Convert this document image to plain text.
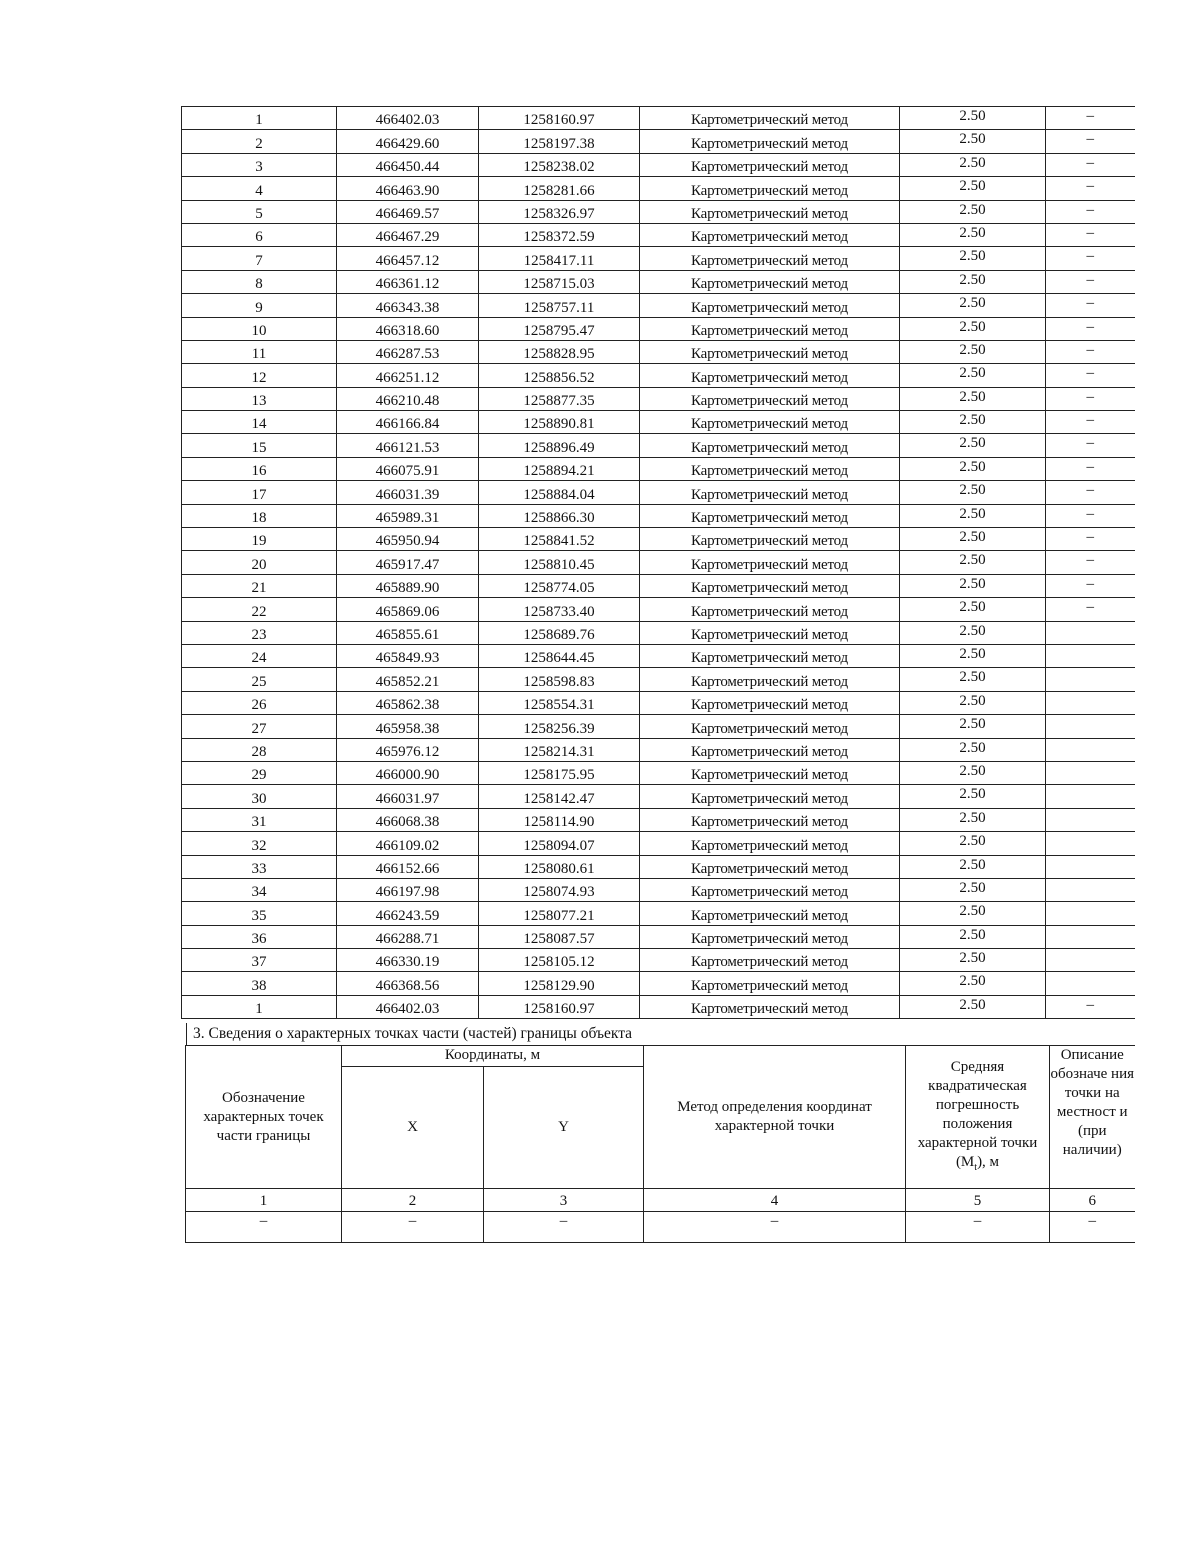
1	466402.03	1258160.97	Картометрический метод	2.50	–
2	466429.60	1258197.38	Картометрический метод	2.50	–
3	466450.44	1258238.02	Картометрический метод	2.50	–
4	466463.90	1258281.66	Картометрический метод	2.50	–
5	466469.57	1258326.97	Картометрический метод	2.50	–
6	466467.29	1258372.59	Картометрический метод	2.50	–
7	466457.12	1258417.11	Картометрический метод	2.50	–
8	466361.12	1258715.03	Картометрический метод	2.50	–
9	466343.38	1258757.11	Картометрический метод	2.50	–
10	466318.60	1258795.47	Картометрический метод	2.50	–
11	466287.53	1258828.95	Картометрический метод	2.50	–
12	466251.12	1258856.52	Картометрический метод	2.50	–
13	466210.48	1258877.35	Картометрический метод	2.50	–
14	466166.84	1258890.81	Картометрический метод	2.50	–
15	466121.53	1258896.49	Картометрический метод	2.50	–
16	466075.91	1258894.21	Картометрический метод	2.50	–
17	466031.39	1258884.04	Картометрический метод	2.50	–
18	465989.31	1258866.30	Картометрический метод	2.50	–
19	465950.94	1258841.52	Картометрический метод	2.50	–
20	465917.47	1258810.45	Картометрический метод	2.50	–
21	465889.90	1258774.05	Картометрический метод	2.50	–
22	465869.06	1258733.40	Картометрический метод	2.50	–
23	465855.61	1258689.76	Картометрический метод	2.50	
24	465849.93	1258644.45	Картометрический метод	2.50	
25	465852.21	1258598.83	Картометрический метод	2.50	
26	465862.38	1258554.31	Картометрический метод	2.50	
27	465958.38	1258256.39	Картометрический метод	2.50	
28	465976.12	1258214.31	Картометрический метод	2.50	
29	466000.90	1258175.95	Картометрический метод	2.50	
30	466031.97	1258142.47	Картометрический метод	2.50	
31	466068.38	1258114.90	Картометрический метод	2.50	
32	466109.02	1258094.07	Картометрический метод	2.50	
33	466152.66	1258080.61	Картометрический метод	2.50	
34	466197.98	1258074.93	Картометрический метод	2.50	
35	466243.59	1258077.21	Картометрический метод	2.50	
36	466288.71	1258087.57	Картометрический метод	2.50	
37	466330.19	1258105.12	Картометрический метод	2.50	
38	466368.56	1258129.90	Картометрический метод	2.50	
1	466402.03	1258160.97	Картометрический метод	2.50	–
3. Сведения о характерных точках части (частей) границы объекта
Обозначение характерных точек части границы	Координаты, м		Метод определения координат характерной точки	Средняя квадратическая погрешность положения характерной точки $(M_t)$, м	Описание обозначе ния точки на местност и (при наличии)
	X	Y			
1	2	3	4	5	6
–	–	–	–	–	–
